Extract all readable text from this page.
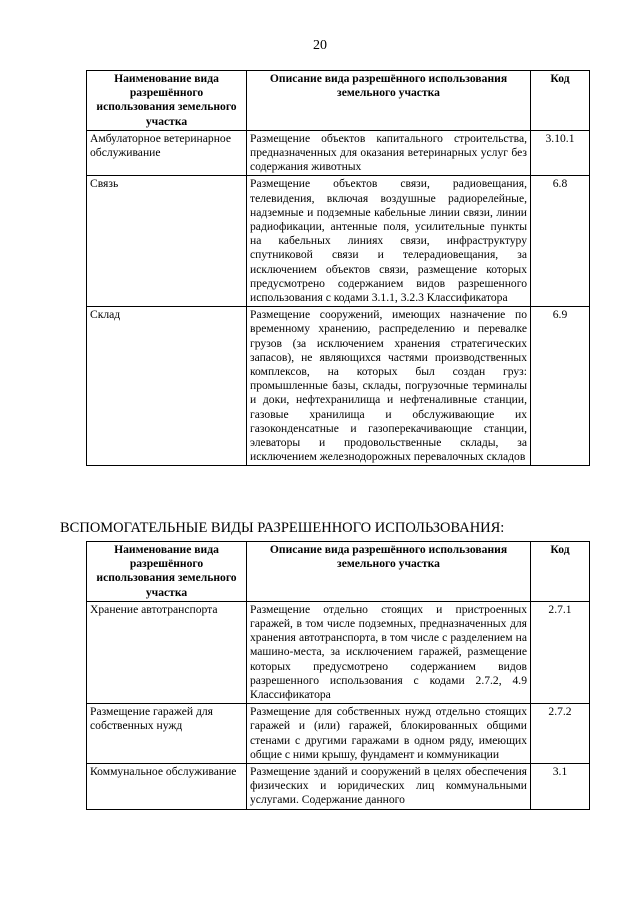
20
Наименование вида разрешённого использования земельного участка	Описание вида разрешённого использования земельного участка	Код
Амбулаторное ветеринарное обслуживание	Размещение объектов капитального строительства, предназначенных для оказания ветеринарных услуг без содержания животных	3.10.1
Связь	Размещение объектов связи, радиовещания, телевидения, включая воздушные радиорелейные, надземные и подземные кабельные линии связи, линии радиофикации, антенные поля, усилительные пункты на кабельных линиях связи, инфраструктуру спутниковой связи и телерадиовещания, за исключением объектов связи, размещение которых предусмотрено содержанием видов разрешенного использования с кодами 3.1.1, 3.2.3 Классификатора	6.8
Склад	Размещение сооружений, имеющих назначение по временному хранению, распределению и перевалке грузов (за исключением хранения стратегических запасов), не являющихся частями производственных комплексов, на которых был создан груз: промышленные базы, склады, погрузочные терминалы и доки, нефтехранилища и нефтеналивные станции, газовые хранилища и обслуживающие их газоконденсатные и газоперекачивающие станции, элеваторы и продовольственные склады, за исключением железнодорожных перевалочных складов	6.9
ВСПОМОГАТЕЛЬНЫЕ ВИДЫ РАЗРЕШЕННОГО ИСПОЛЬЗОВАНИЯ:
Наименование вида разрешённого использования земельного участка	Описание вида разрешённого использования земельного участка	Код
Хранение автотранспорта	Размещение отдельно стоящих и пристроенных гаражей, в том числе подземных, предназначенных для хранения автотранспорта, в том числе с разделением на машино-места, за исключением гаражей, размещение которых предусмотрено содержанием видов разрешенного использования с кодами 2.7.2, 4.9 Классификатора	2.7.1
Размещение гаражей для собственных нужд	Размещение для собственных нужд отдельно стоящих гаражей и (или) гаражей, блокированных общими стенами с другими гаражами в одном ряду, имеющих общие с ними крышу, фундамент и коммуникации	2.7.2
Коммунальное обслуживание	Размещение зданий и сооружений в целях обеспечения физических и юридических лиц коммунальными услугами. Содержание данного	3.1
